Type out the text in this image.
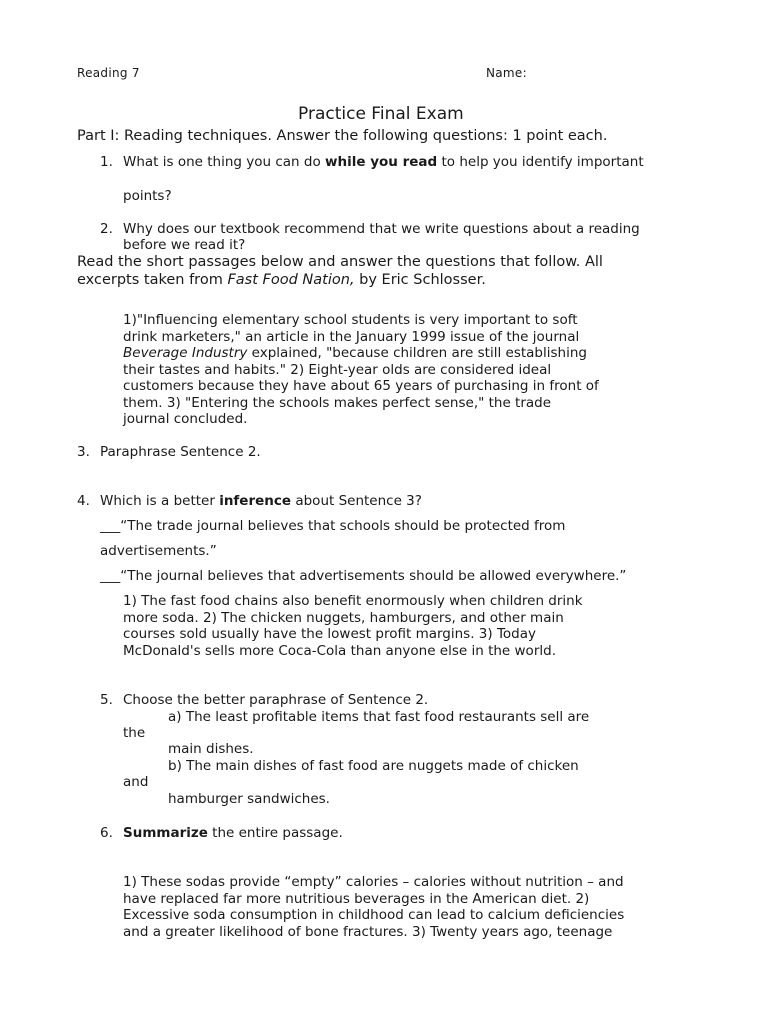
Reading 7	Name:
Practice Final Exam
Part I: Reading techniques. Answer the following questions: 1 point each.
1. What is one thing you can do while you read to help you identify important
points?
2. Why does our textbook recommend that we write questions about a reading
before we read it?
Read the short passages below and answer the questions that follow. All
excerpts taken from Fast Food Nation, by Eric Schlosser.
1)"Influencing elementary school students is very important to soft
drink marketers," an article in the January 1999 issue of the journal
Beverage Industry explained, "because children are still establishing
their tastes and habits." 2) Eight-year olds are considered ideal
customers because they have about 65 years of purchasing in front of
them. 3) "Entering the schools makes perfect sense," the trade
journal concluded.
3. Paraphrase Sentence 2.
4. Which is a better inference about Sentence 3?
___“The trade journal believes that schools should be protected from
advertisements.”
___“The journal believes that advertisements should be allowed everywhere.”
1) The fast food chains also benefit enormously when children drink
more soda. 2) The chicken nuggets, hamburgers, and other main
courses sold usually have the lowest profit margins. 3) Today
McDonald's sells more Coca-Cola than anyone else in the world.
5. Choose the better paraphrase of Sentence 2.
a) The least profitable items that fast food restaurants sell are
the
main dishes.
b) The main dishes of fast food are nuggets made of chicken
and
hamburger sandwiches.
6. Summarize the entire passage.
1) These sodas provide “empty” calories – calories without nutrition – and
have replaced far more nutritious beverages in the American diet. 2)
Excessive soda consumption in childhood can lead to calcium deficiencies
and a greater likelihood of bone fractures. 3) Twenty years ago, teenage
